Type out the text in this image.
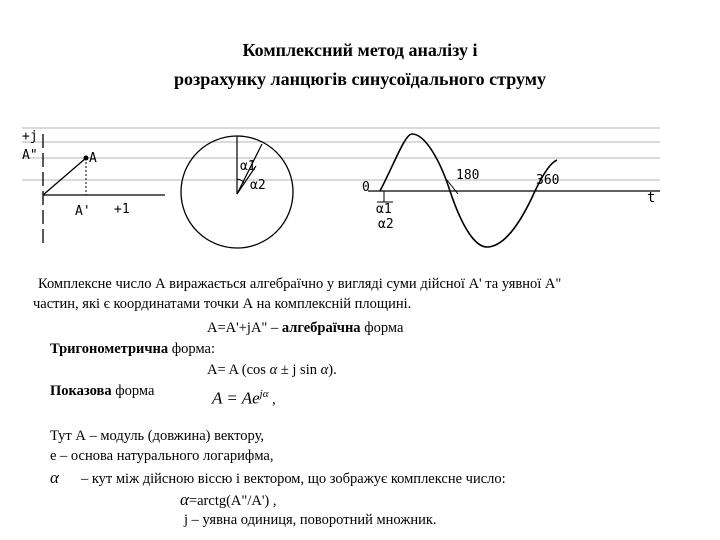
Комплексний метод аналізу і
розрахунку ланцюгів синусоїдального струму
+j
A"	A
A' +1
α1
α2	0
180	360
t
α1
α2
Комплексне число А виражається алгебраїчно у вигляді суми дійсної A' та уявної A"
частин, які є координатами точки А на комплексній площині.
A=A'+jA" – алгебраїчна форма
Тригонометрична форма:
A= A (cos α ± j sin α).
Показова форма	$A = Ae^{j\alpha}$ ,
Тут А – модуль (довжина) вектору,
e – основа натурального логарифма,
α – кут між дійсною віссю і вектором, що зображує комплексне число:
α=arctg(A"/A') ,
j – уявна одиниця, поворотний множник.
